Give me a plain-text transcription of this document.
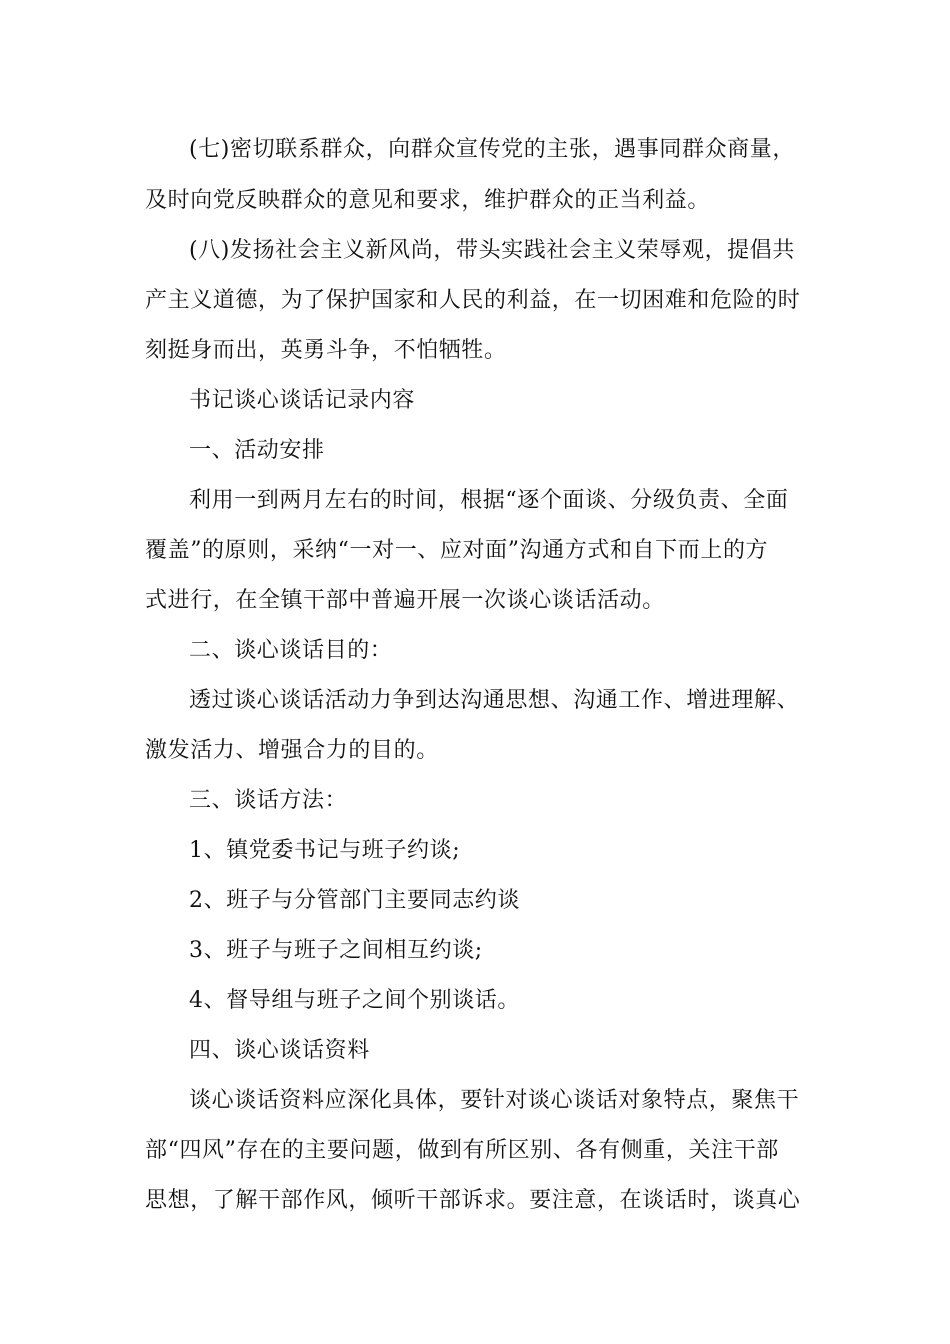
(七)密切联系群众，向群众宣传党的主张，遇事同群众商量，
及时向党反映群众的意见和要求，维护群众的正当利益。
(八)发扬社会主义新风尚，带头实践社会主义荣辱观，提倡共
产主义道德，为了保护国家和人民的利益，在一切困难和危险的时
刻挺身而出，英勇斗争，不怕牺牲。
书记谈心谈话记录内容
一、活动安排
利用一到两月左右的时间，根据“逐个面谈、分级负责、全面
覆盖”的原则，采纳“一对一、应对面”沟通方式和自下而上的方
式进行，在全镇干部中普遍开展一次谈心谈话活动。
二、谈心谈话目的：
透过谈心谈话活动力争到达沟通思想、沟通工作、增进理解、
激发活力、增强合力的目的。
三、谈话方法：
1、镇党委书记与班子约谈;
2、班子与分管部门主要同志约谈
3、班子与班子之间相互约谈;
4、督导组与班子之间个别谈话。
四、谈心谈话资料
谈心谈话资料应深化具体，要针对谈心谈话对象特点，聚焦干
部“四风”存在的主要问题，做到有所区别、各有侧重，关注干部
思想，了解干部作风，倾听干部诉求。要注意，在谈话时，谈真心
